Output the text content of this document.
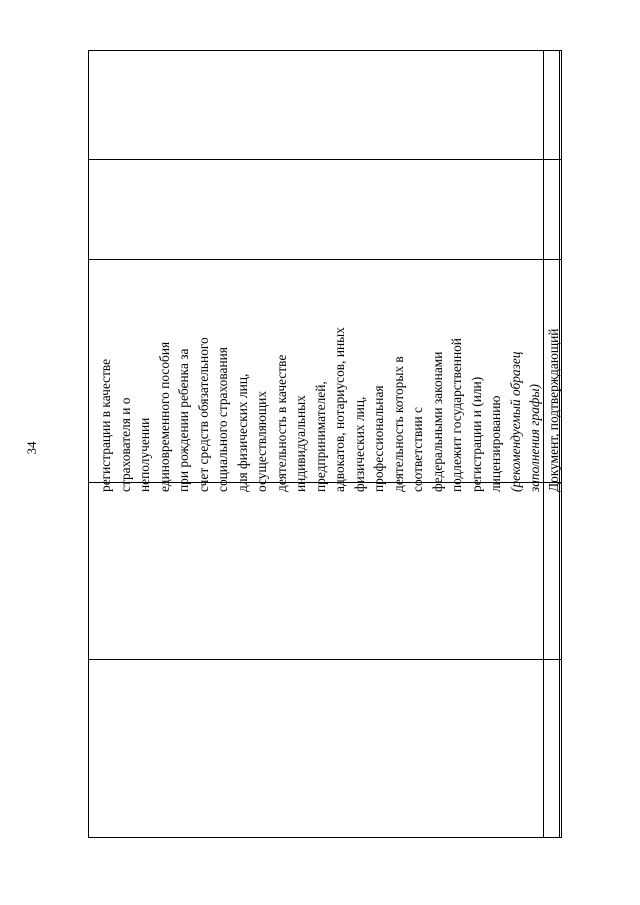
34	регистрации в качестве страхователя и о неполучении единовременного пособия при рождении ребенка за счет средств обязательного социального страхования для физических лиц, осуществляющих деятельность в качестве индивидуальных предпринимателей, адвокатов, нотариусов, иных физических лиц, профессиональная деятельность которых в соответствии с федеральными законами подлежит государственной регистрации и (или) лицензированию (рекомендуемый образец заполнения графы) Документ, подтверждающий
